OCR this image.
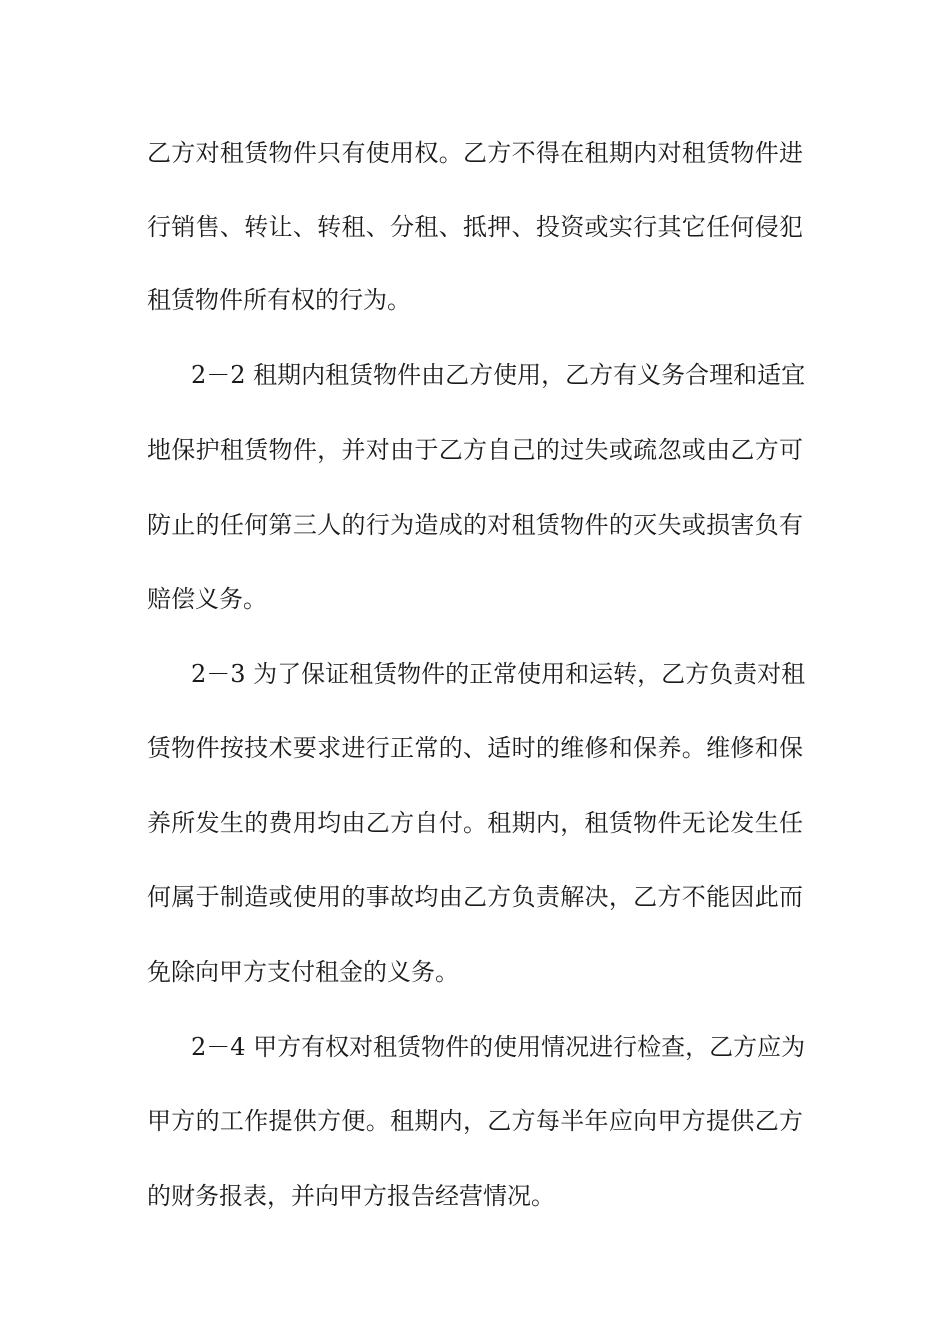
乙方对租赁物件只有使用权。乙方不得在租期内对租赁物件进
行销售、转让、转租、分租、抵押、投资或实行其它任何侵犯
租赁物件所有权的行为。
2－2 租期内租赁物件由乙方使用，乙方有义务合理和适宜
地保护租赁物件，并对由于乙方自己的过失或疏忽或由乙方可
防止的任何第三人的行为造成的对租赁物件的灭失或损害负有
赔偿义务。
2－3 为了保证租赁物件的正常使用和运转，乙方负责对租
赁物件按技术要求进行正常的、适时的维修和保养。维修和保
养所发生的费用均由乙方自付。租期内，租赁物件无论发生任
何属于制造或使用的事故均由乙方负责解决，乙方不能因此而
免除向甲方支付租金的义务。
2－4 甲方有权对租赁物件的使用情况进行检查，乙方应为
甲方的工作提供方便。租期内，乙方每半年应向甲方提供乙方
的财务报表，并向甲方报告经营情况。
